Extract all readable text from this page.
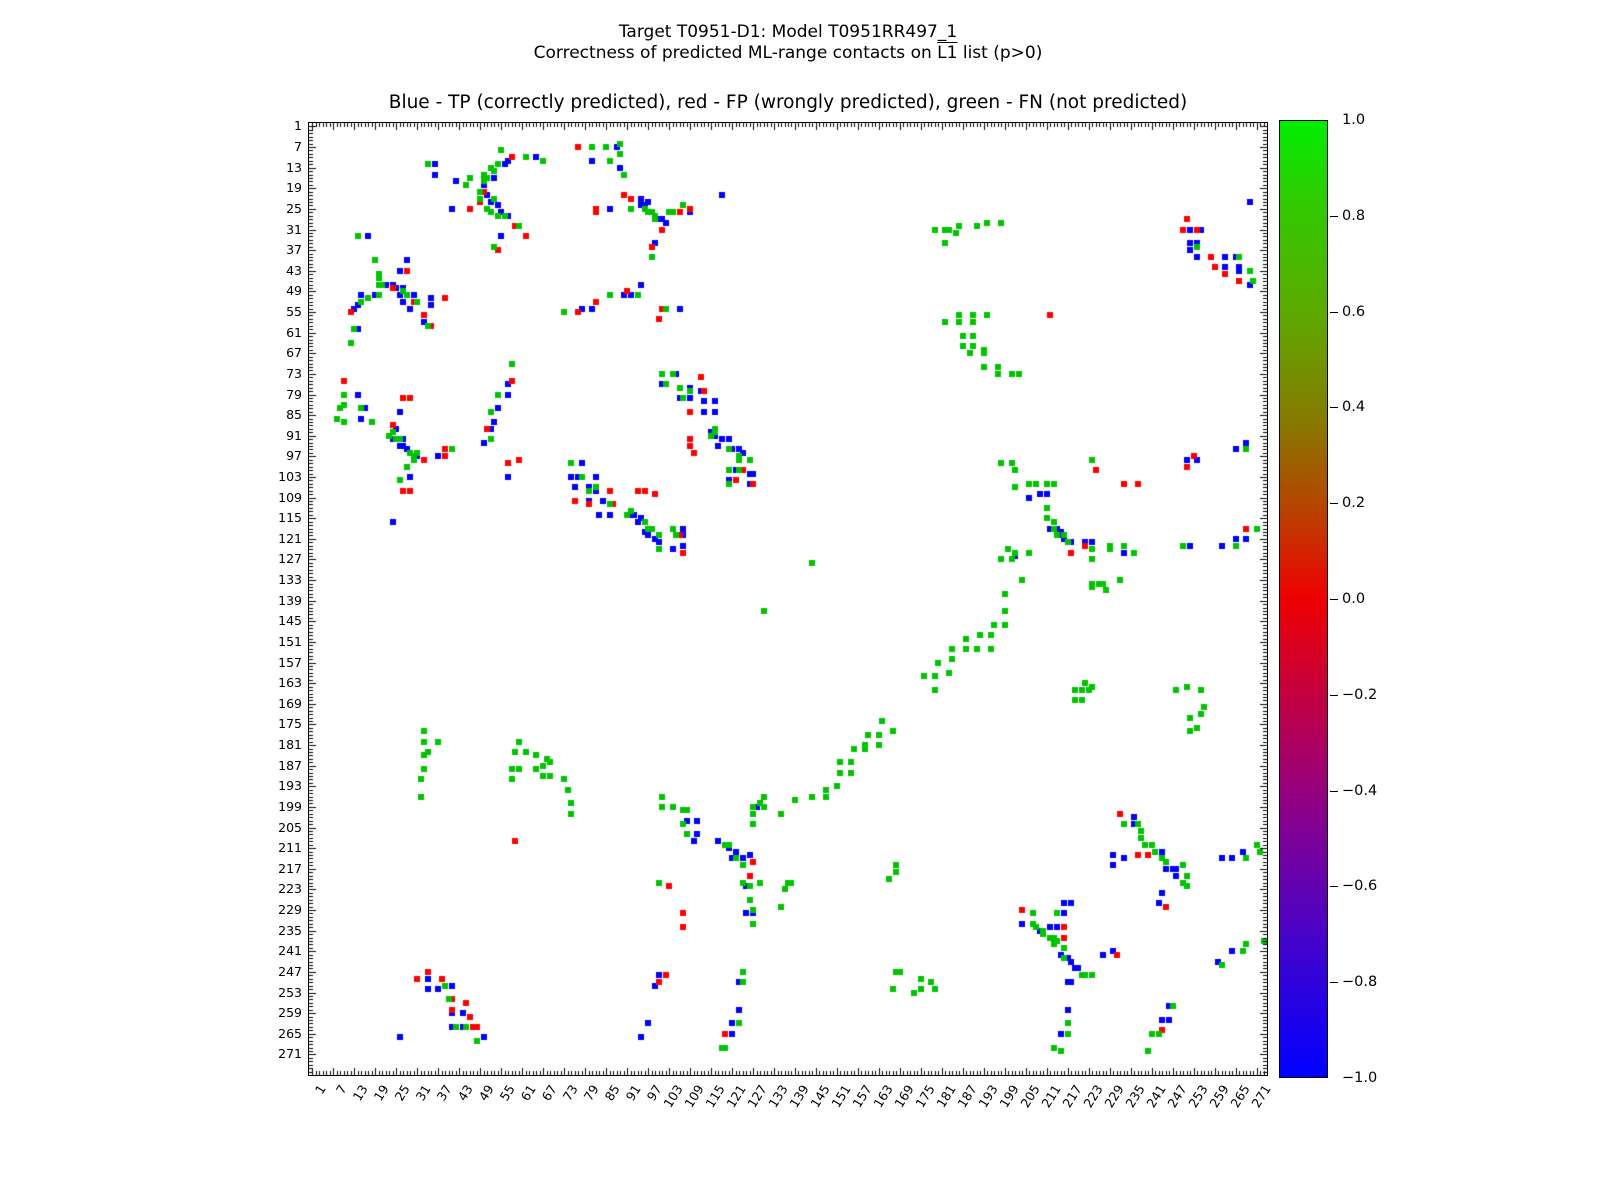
Target T0951-D1: Model T0951RR497_1
Correctness of predicted ML-range contacts on L1 list (p>0)
Blue - TP (correctly predicted), red - FP (wrongly predicted), green - FN (not predicted)
1
7
13
19
25
31
37
43
49
55
61
67
73
79
85
91
97
103
109
115
121
127
133
139
145
151
157
163
169
175
181
187
193
199
205
211
217
223
229
235
241
247
253
259
265
271
1 7 13 19 25 31 37 43 49 55 61 67 73 79 85 91 97
103
109
115
121
127
133
139
145
151
157
163
169
175
181
187
193
199
205
211
217
223
229
235
241
247
253
259
265
271
1.0
0.8
0.6
0.4
0.2
0.0
−0.2
−0.4
−0.6
−0.8
−1.0
